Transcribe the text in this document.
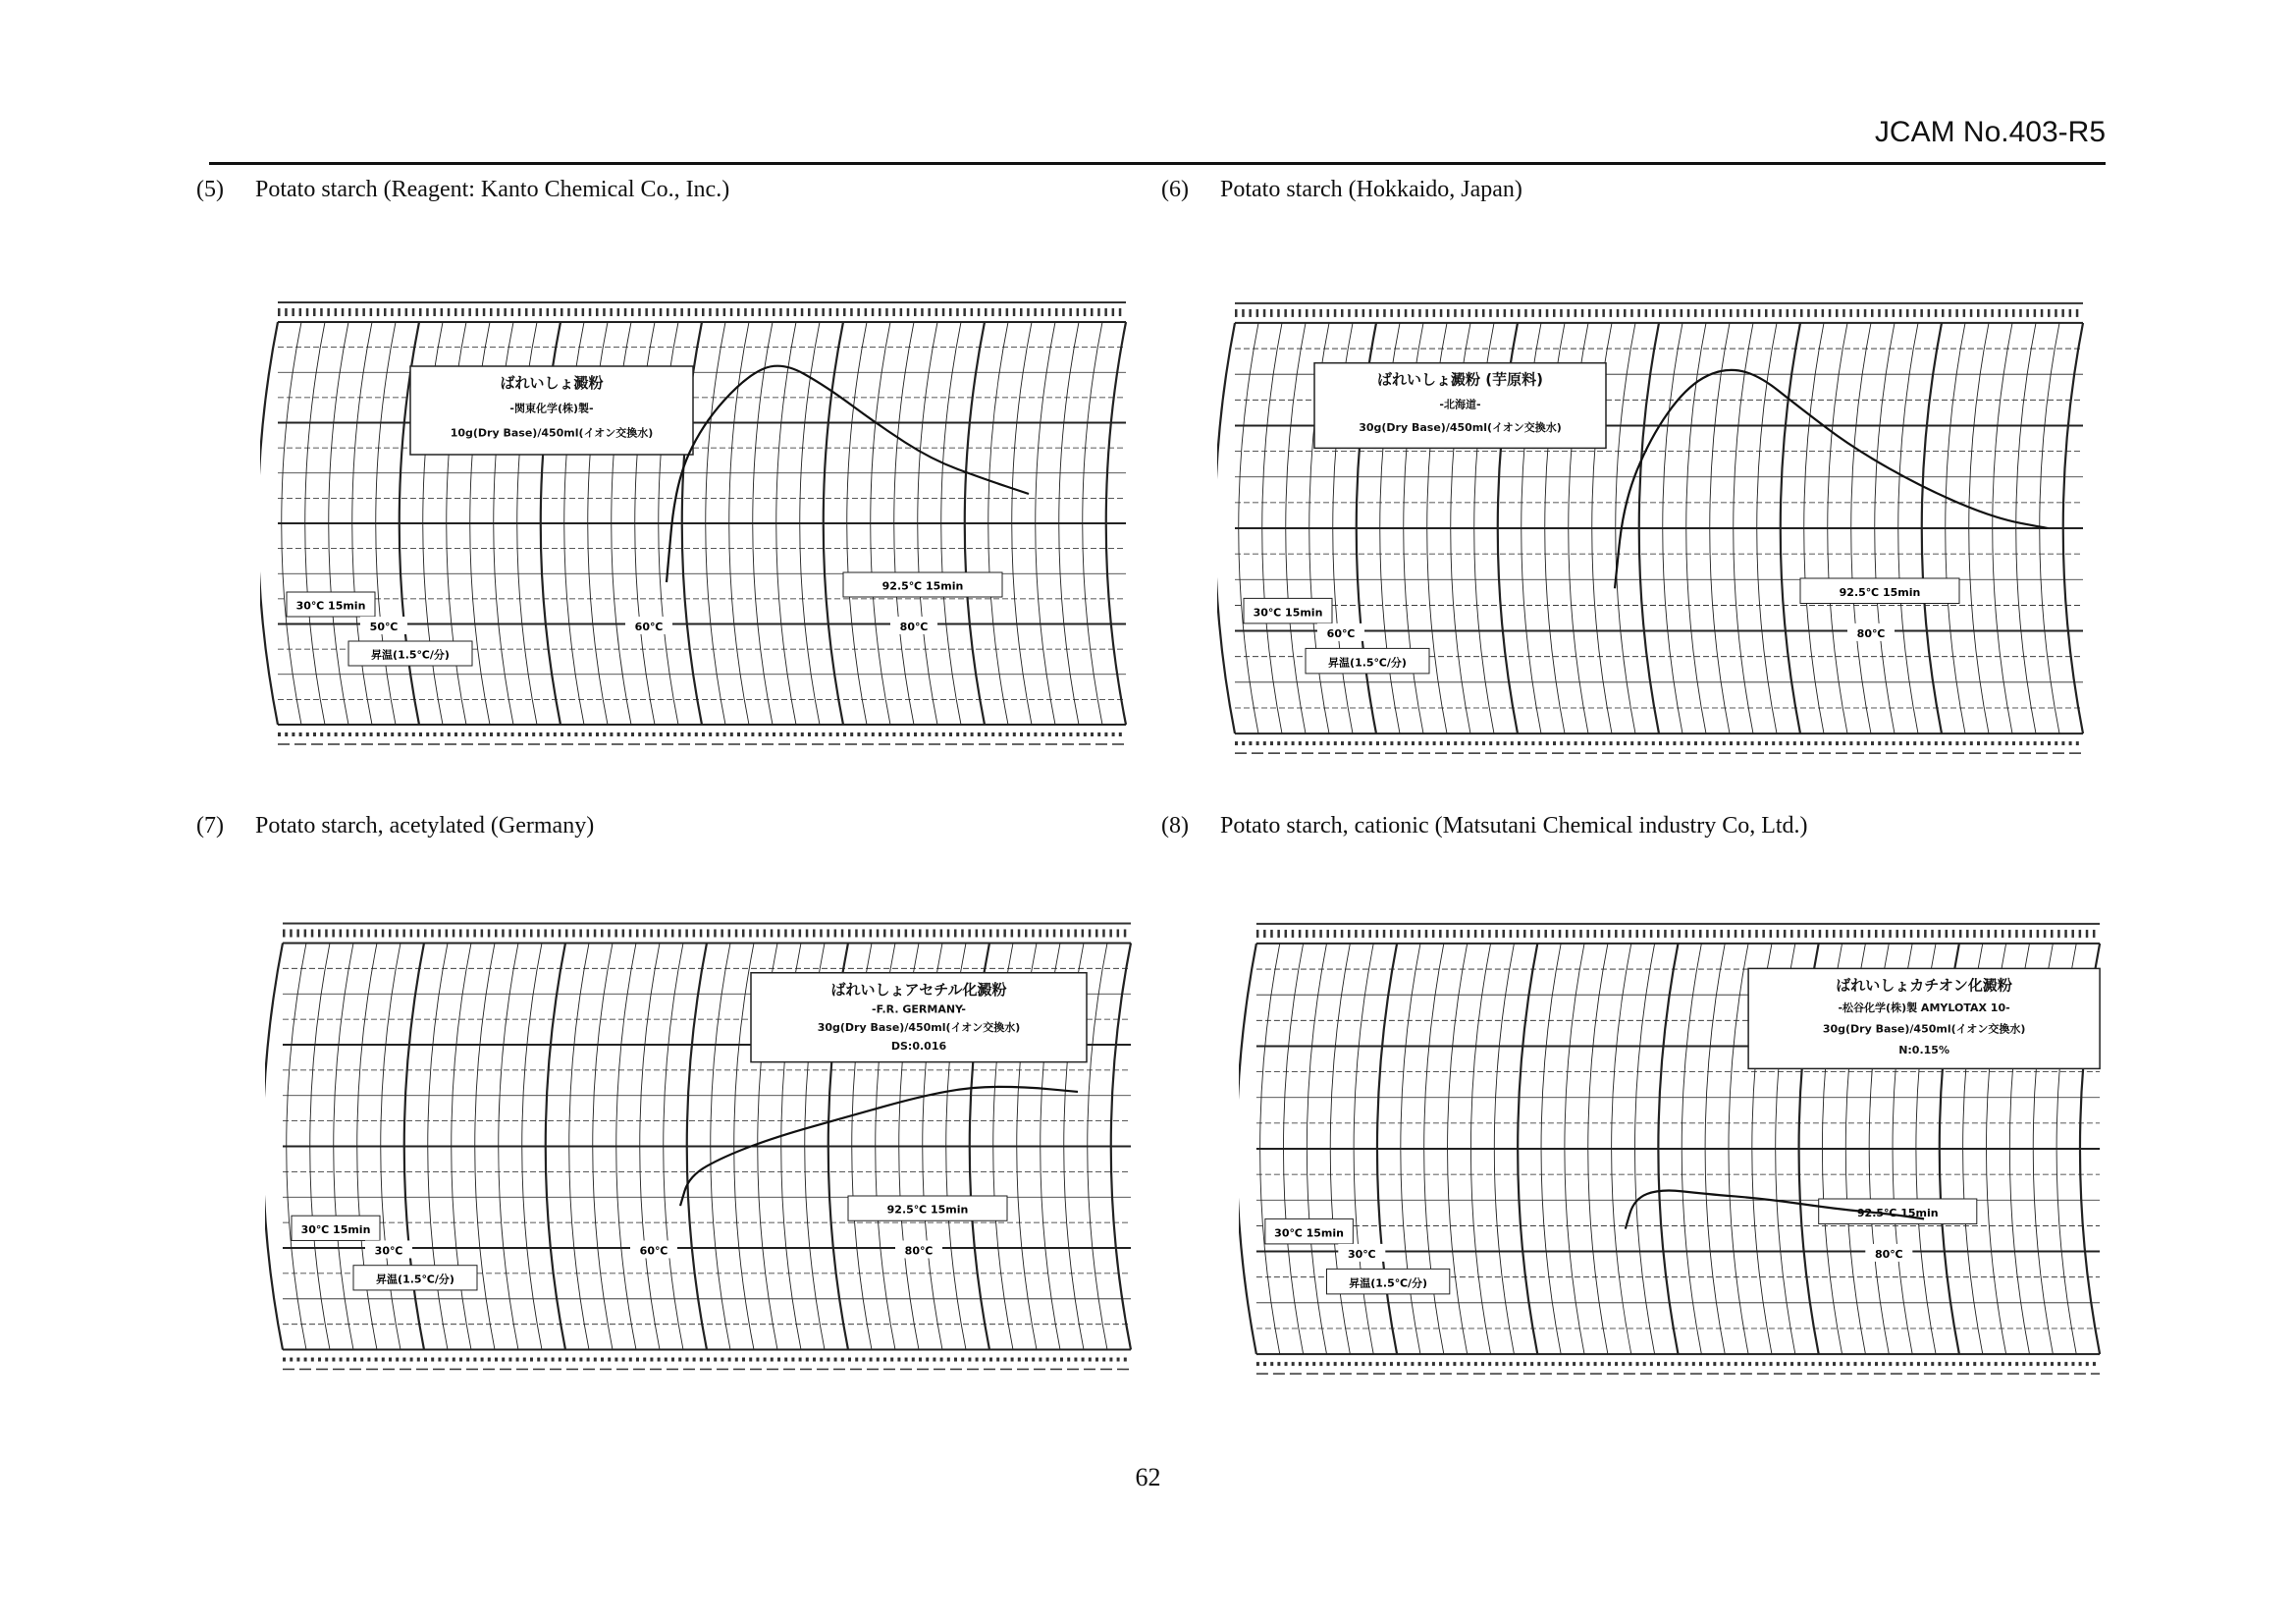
JCAM No.403-R5
(5) Potato starch (Reagent: Kanto Chemical Co., Inc.)	(6) Potato starch (Hokkaido, Japan)
(7) Potato starch, acetylated (Germany)	(8) Potato starch, cationic (Matsutani Chemical industry Co, Ltd.)
ばれいしょ澱粉
-関東化学(株)製-
10g(Dry Base)/450ml(イオン交換水)
30℃ 15min
昇温(1.5℃/分)
92.5℃ 15min
50℃	60℃	80℃
ばれいしょ澱粉 (芋原料)
-北海道-
30g(Dry Base)/450ml(イオン交換水)
30℃ 15min
昇温(1.5℃/分)
92.5℃ 15min
60℃	80℃
ばれいしょアセチル化澱粉
-F.R. GERMANY-
30g(Dry Base)/450ml(イオン交換水)
DS:0.016
30℃ 15min
昇温(1.5℃/分)
92.5℃ 15min
30℃	60℃	80℃
ばれいしょカチオン化澱粉
-松谷化学(株)製 AMYLOTAX 10-
30g(Dry Base)/450ml(イオン交換水)
N:0.15%
30℃ 15min
昇温(1.5℃/分)
92.5℃ 15min
30℃	80℃
62
